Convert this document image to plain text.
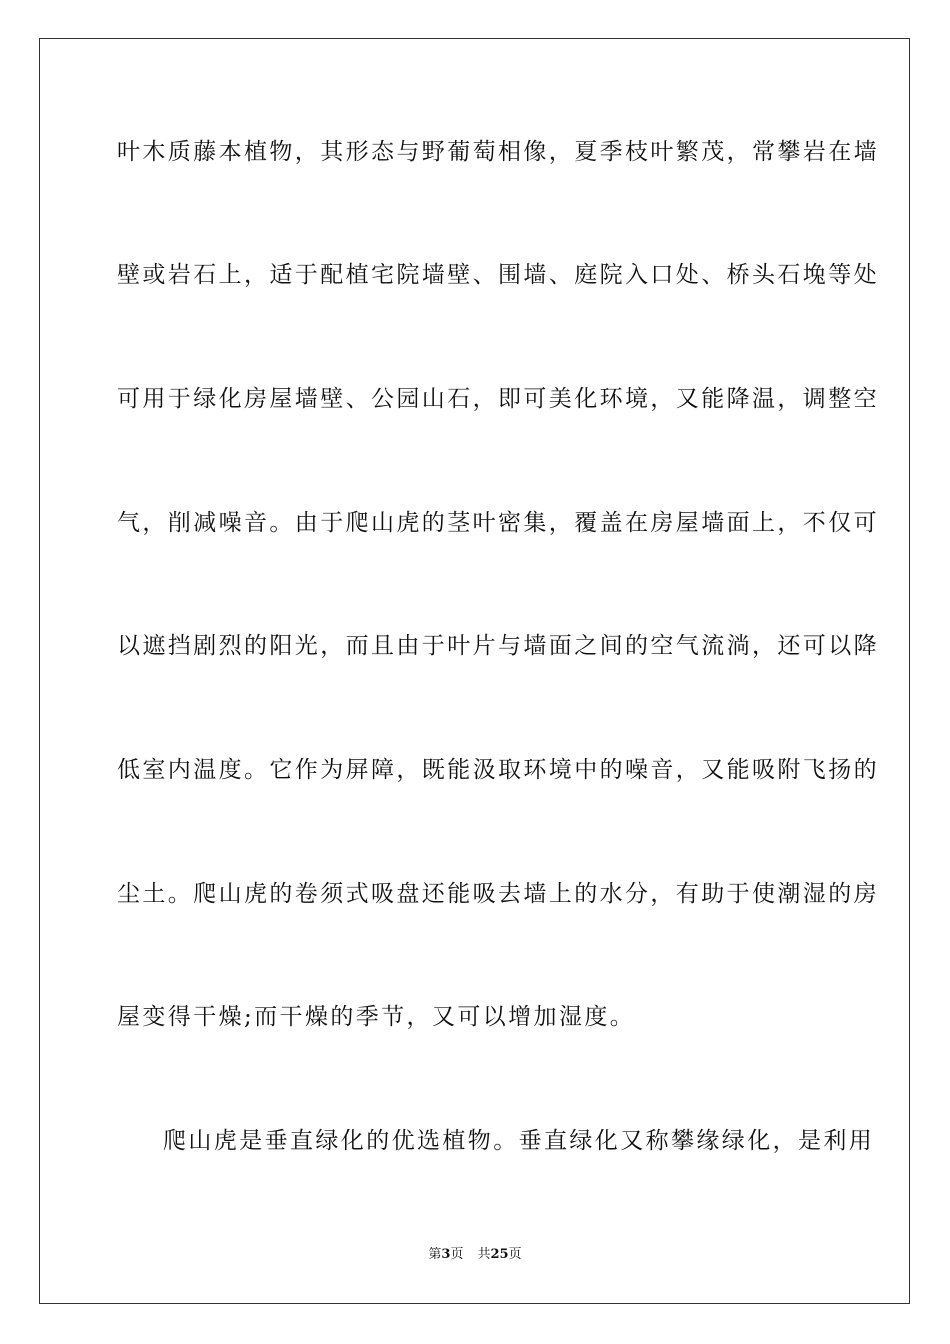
叶木质藤本植物，其形态与野葡萄相像，夏季枝叶繁茂，常攀岩在墙
壁或岩石上，适于配植宅院墙壁、围墙、庭院入口处、桥头石堍等处
可用于绿化房屋墙壁、公园山石，即可美化环境，又能降温，调整空
气，削减噪音。由于爬山虎的茎叶密集，覆盖在房屋墙面上，不仅可
以遮挡剧烈的阳光，而且由于叶片与墙面之间的空气流淌，还可以降
低室内温度。它作为屏障，既能汲取环境中的噪音，又能吸附飞扬的
尘土。爬山虎的卷须式吸盘还能吸去墙上的水分，有助于使潮湿的房
屋变得干燥;而干燥的季节，又可以增加湿度。
爬山虎是垂直绿化的优选植物。垂直绿化又称攀缘绿化，是利用
第3页 共25页
